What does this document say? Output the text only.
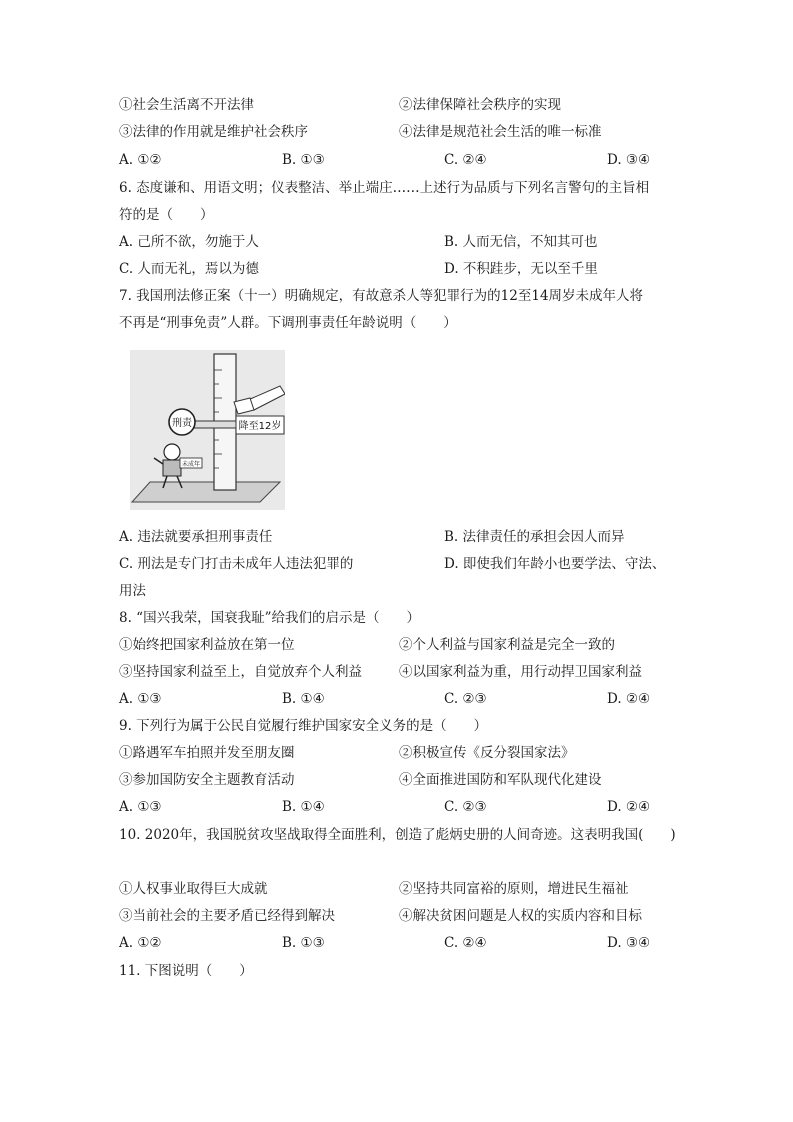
①社会生活离不开法律	②法律保障社会秩序的实现
③法律的作用就是维护社会秩序	④法律是规范社会生活的唯一标准
A. ①②	B. ①③	C. ②④	D. ③④
6. 态度谦和、用语文明；仪表整洁、举止端庄……上述行为品质与下列名言警句的主旨相
符的是（　　）
A. 己所不欲，勿施于人	B. 人而无信，不知其可也
C. 人而无礼，焉以为德	D. 不积跬步，无以至千里
7. 我国刑法修正案（十一）明确规定，有故意杀人等犯罪行为的12至14周岁未成年人将
不再是“刑事免责”人群。下调刑事责任年龄说明（　　）
刑责	降至12岁
未成年
A. 违法就要承担刑事责任	B. 法律责任的承担会因人而异
C. 刑法是专门打击未成年人违法犯罪的	D. 即使我们年龄小也要学法、守法、
用法
8. “国兴我荣，国衰我耻”给我们的启示是（　　）
①始终把国家利益放在第一位	②个人利益与国家利益是完全一致的
③坚持国家利益至上，自觉放弃个人利益	④以国家利益为重，用行动捍卫国家利益
A. ①③	B. ①④	C. ②③	D. ②④
9. 下列行为属于公民自觉履行维护国家安全义务的是（　　）
①路遇军车拍照并发至朋友圈	②积极宣传《反分裂国家法》
③参加国防安全主题教育活动	④全面推进国防和军队现代化建设
A. ①③	B. ①④	C. ②③	D. ②④
10. 2020年，我国脱贫攻坚战取得全面胜利，创造了彪炳史册的人间奇迹。这表明我国(　　)
①人权事业取得巨大成就	②坚持共同富裕的原则，增进民生福祉
③当前社会的主要矛盾已经得到解决	④解决贫困问题是人权的实质内容和目标
A. ①②	B. ①③	C. ②④	D. ③④
11. 下图说明（　　）
